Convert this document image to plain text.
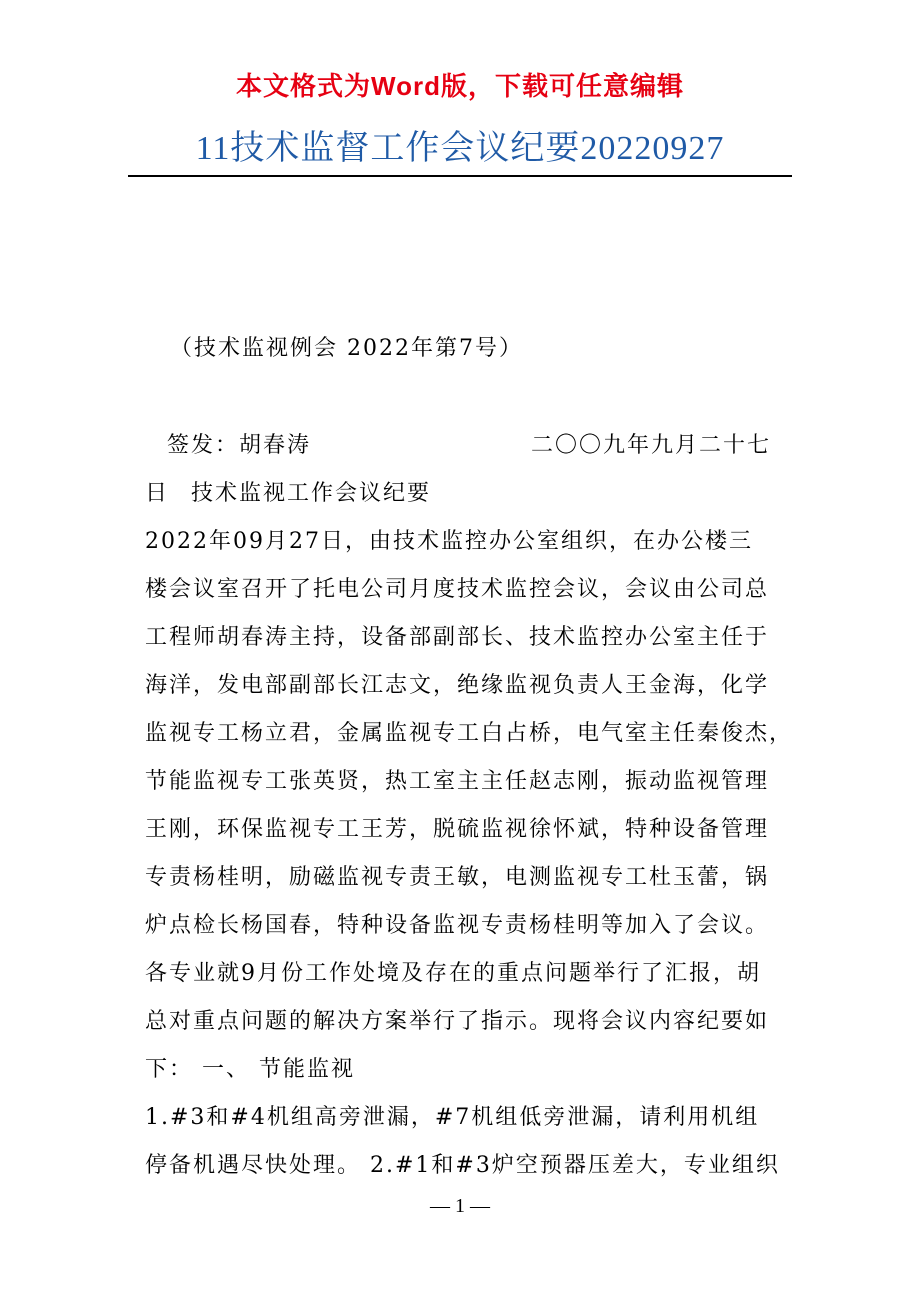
本文格式为Word版，下载可任意编辑
11技术监督工作会议纪要20220927
（技术监视例会 2022年第7号）
签发：胡春涛	二〇〇九年九月二十七
日 技术监视工作会议纪要
2022年09月27日，由技术监控办公室组织，在办公楼三
楼会议室召开了托电公司月度技术监控会议，会议由公司总
工程师胡春涛主持，设备部副部长、技术监控办公室主任于
海洋，发电部副部长江志文，绝缘监视负责人王金海，化学
监视专工杨立君，金属监视专工白占桥，电气室主任秦俊杰，
节能监视专工张英贤，热工室主主任赵志刚，振动监视管理
王刚，环保监视专工王芳，脱硫监视徐怀斌，特种设备管理
专责杨桂明，励磁监视专责王敏，电测监视专工杜玉蕾，锅
炉点检长杨国春，特种设备监视专责杨桂明等加入了会议。
各专业就9月份工作处境及存在的重点问题举行了汇报，胡
总对重点问题的解决方案举行了指示。现将会议内容纪要如
下： 一、 节能监视
1.#3和#4机组高旁泄漏，#7机组低旁泄漏，请利用机组
停备机遇尽快处理。 2.#1和#3炉空预器压差大，专业组织
— 1 —
